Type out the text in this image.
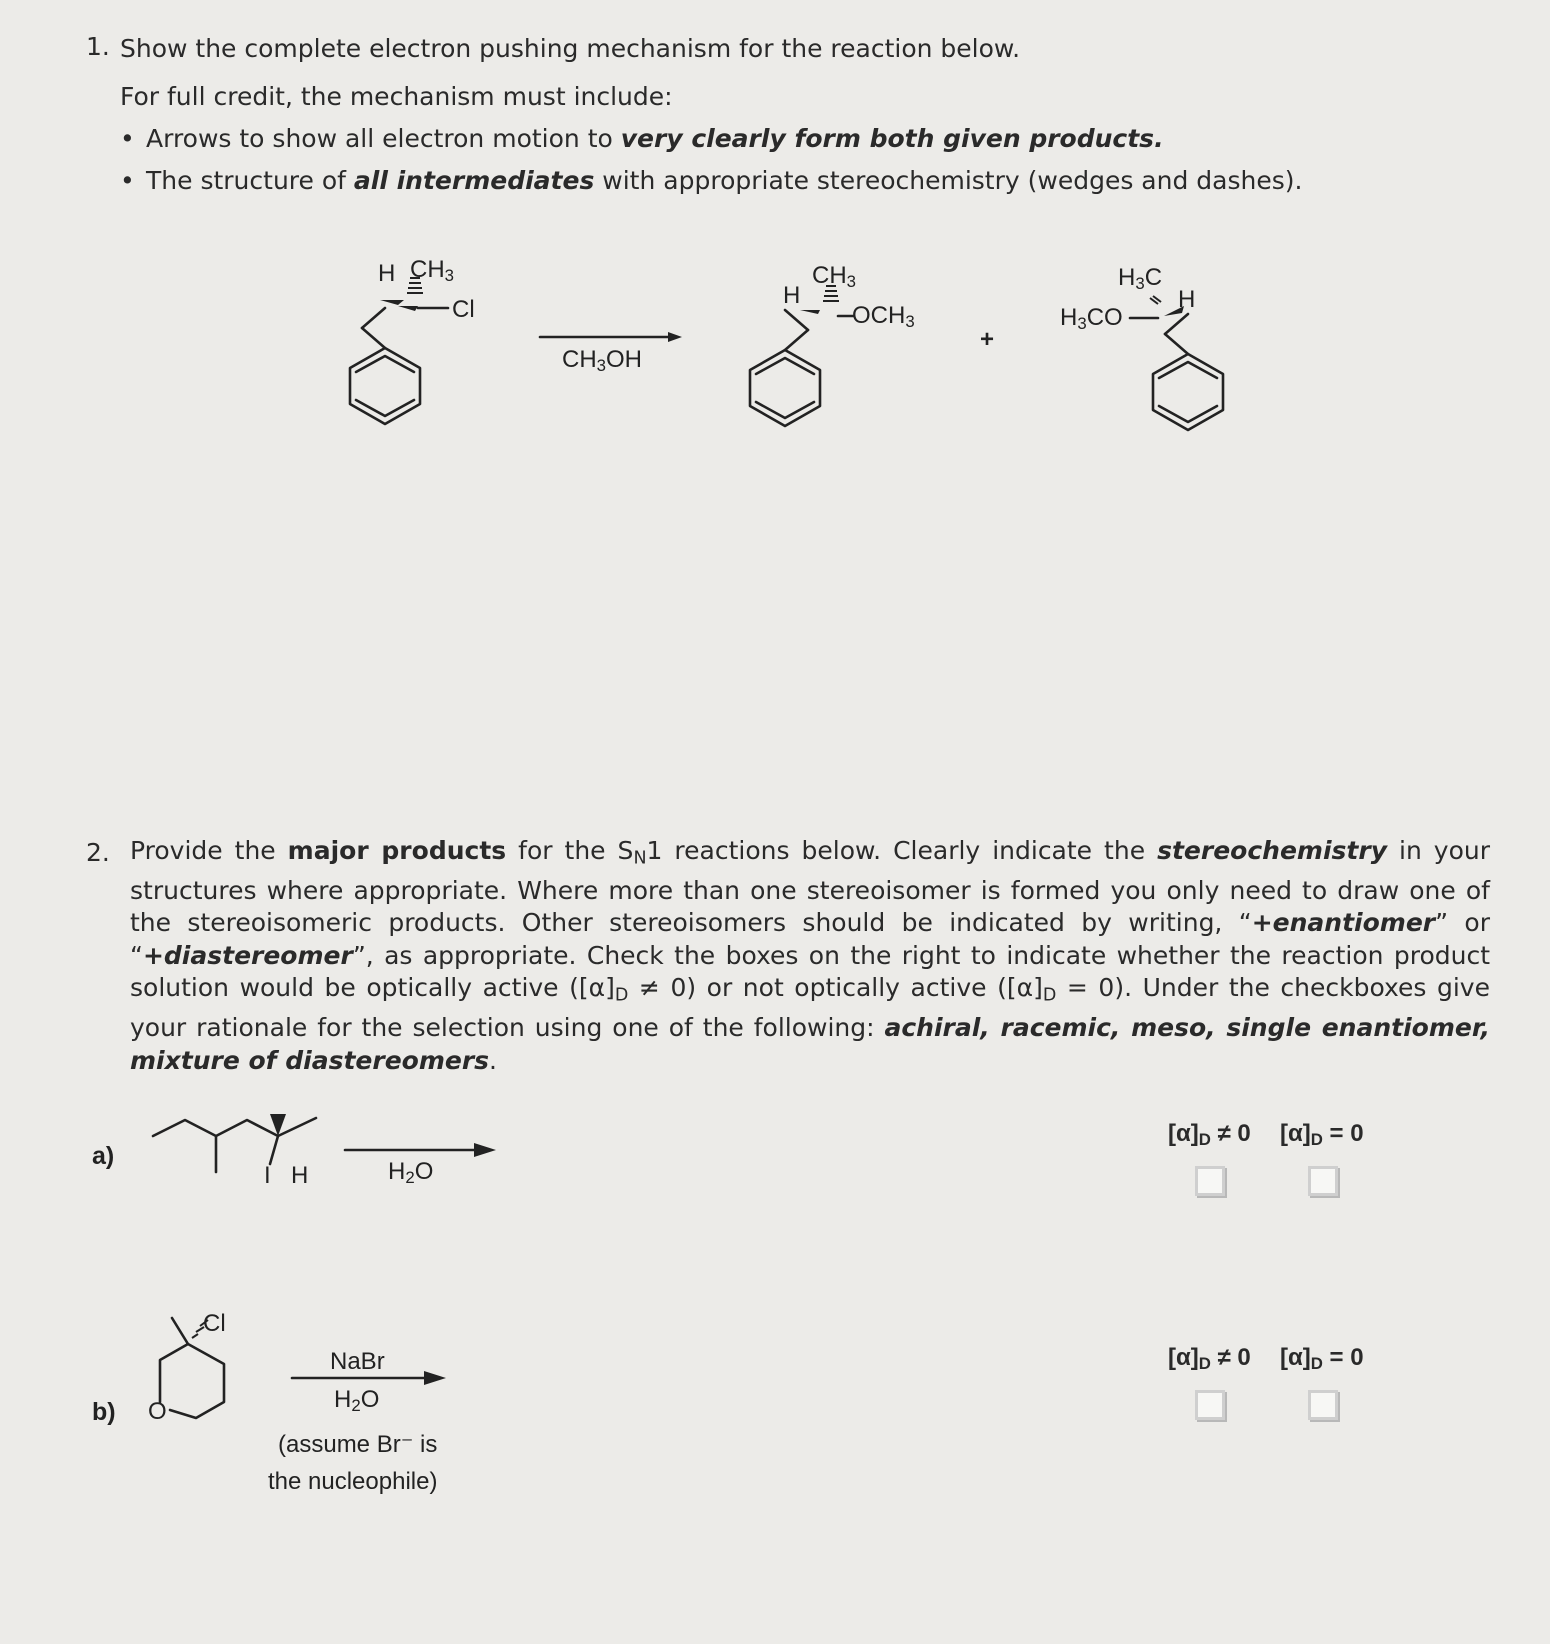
1. Show the complete electron pushing mechanism for the reaction below.
For full credit, the mechanism must include:
• Arrows to show all electron motion to very clearly form both given products.
• The structure of all intermediates with appropriate stereochemistry (wedges and dashes).
H $CH_3$
Cl
$CH_3OH$
H
$CH_3$
$OCH_3$
+
$H_3C$
H
$H_3CO$
2. Provide the major products for the $S_N1$ reactions below. Clearly indicate the stereochemistry in your structures where appropriate. Where more than one stereoisomer is formed you only need to draw one of the stereoisomeric products. Other stereoisomers should be indicated by writing, “+enantiomer” or “+diastereomer”, as appropriate. Check the boxes on the right to indicate whether the reaction product solution would be optically active $([\alpha]_D \ne 0)$ or not optically active $([\alpha]_D = 0)$. Under the checkboxes give your rationale for the selection using one of the following: achiral, racemic, meso, single enantiomer, mixture of diastereomers.
a)
I H	$H_2O$
$[\alpha]_D \ne 0$ $[\alpha]_D = 0$
b) O
Cl
NaBr
$H_2O$
(assume Br⁻ is
the nucleophile)
$[\alpha]_D \ne 0$ $[\alpha]_D = 0$
